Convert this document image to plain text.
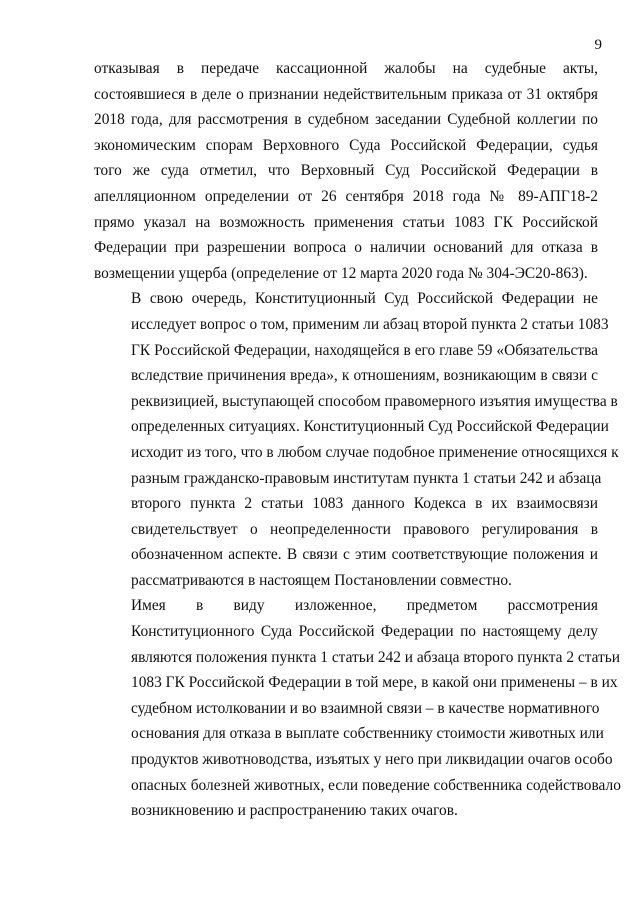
9

отказывая в передаче кассационной жалобы на судебные акты,
состоявшиеся в деле о признании недействительным приказа от 31 октября
2018 года, для рассмотрения в судебном заседании Судебной коллегии по
экономическим спорам Верховного Суда Российской Федерации, судья
того же суда отметил, что Верховный Суд Российской Федерации в
апелляционном определении от 26 сентября 2018 года № 89-АПГ18-2
прямо указал на возможность применения статьи 1083 ГК Российской
Федерации при разрешении вопроса о наличии оснований для отказа в
возмещении ущерба (определение от 12 марта 2020 года № 304-ЭС20-863).

В свою очередь, Конституционный Суд Российской Федерации не
исследует вопрос о том, применим ли абзац второй пункта 2 статьи 1083
ГК Российской Федерации, находящейся в его главе 59 «Обязательства
вследствие причинения вреда», к отношениям, возникающим в связи с
реквизицией, выступающей способом правомерного изъятия имущества в
определенных ситуациях. Конституционный Суд Российской Федерации
исходит из того, что в любом случае подобное применение относящихся к
разным гражданско-правовым институтам пункта 1 статьи 242 и абзаца
второго пункта 2 статьи 1083 данного Кодекса в их взаимосвязи
свидетельствует о неопределенности правового регулирования в
обозначенном аспекте. В связи с этим соответствующие положения и
рассматриваются в настоящем Постановлении совместно.

Имея в виду изложенное, предметом рассмотрения
Конституционного Суда Российской Федерации по настоящему делу
являются положения пункта 1 статьи 242 и абзаца второго пункта 2 статьи
1083 ГК Российской Федерации в той мере, в какой они применены – в их
судебном истолковании и во взаимной связи – в качестве нормативного
основания для отказа в выплате собственнику стоимости животных или
продуктов животноводства, изъятых у него при ликвидации очагов особо
опасных болезней животных, если поведение собственника содействовало
возникновению и распространению таких очагов.
